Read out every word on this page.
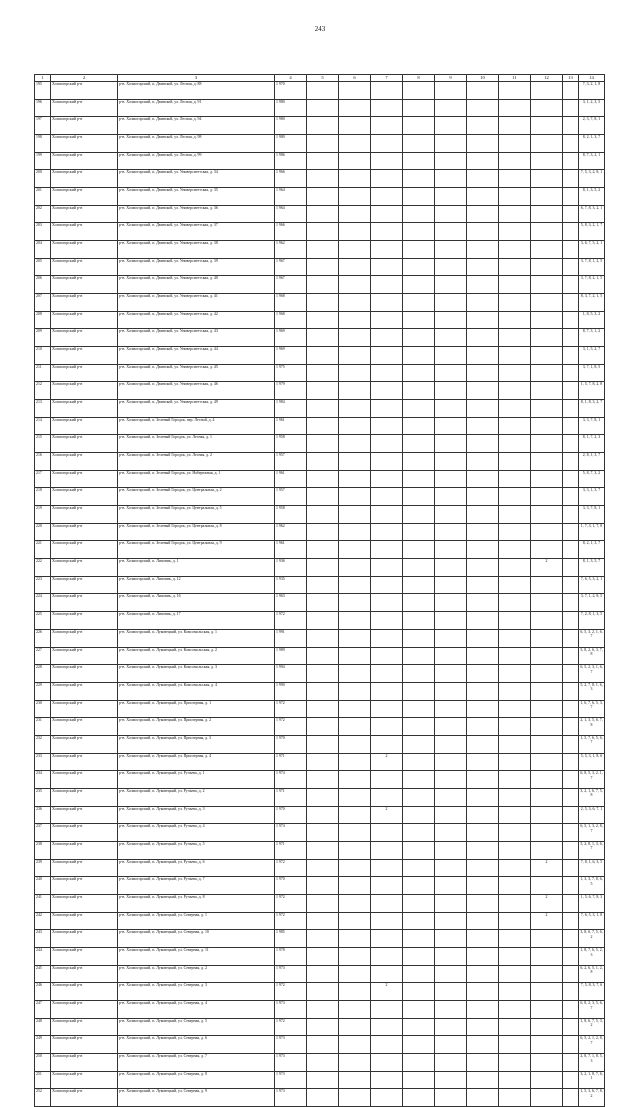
243
1	2	3	4	5	6	7	8	9	10	11	12	13	14
195	Холмогорский р-н	р-н. Холмогорский, п. Двинской, ул. Лесная, д. 88	1 970										7, 3, 2, 1, 8
196	Холмогорский р-н	р-н. Холмогорский, п. Двинской, ул. Лесная, д. 91	1 980										3, 1, 2, 3, 5
197	Холмогорский р-н	р-н. Холмогорский, п. Двинской, ул. Лесная, д. 94	1 980										2, 3, 7, 8, 1
198	Холмогорский р-н	р-н. Холмогорский, п. Двинской, ул. Лесная, д. 98	1 980										8, 2, 1, 3, 7
199	Холмогорский р-н	р-н. Холмогорский, п. Двинской, ул. Лесная, д. 99	1 986										8, 7, 3, 2, 1
200	Холмогорский р-н	р-н. Холмогорский, п. Двинской, ул. Университетская, д. 34	1 966										7, 5, 3, 2, 8, 1
201	Холмогорский р-н	р-н. Холмогорский, п. Двинской, ул. Университетская, д. 35	1 964										8, 1, 3, 5, 2
202	Холмогорский р-н	р-н. Холмогорский, п. Двинской, ул. Университетская, д. 36	1 964										6, 7, 8, 3, 2, 1
203	Холмогорский р-н	р-н. Холмогорский, п. Двинской, ул. Университетская, д. 37	1 966										5, 8, 3, 2, 1, 7
204	Холмогорский р-н	р-н. Холмогорский, п. Двинской, ул. Университетская, д. 38	1 962										3, 6, 7, 5, 2, 1
205	Холмогорский р-н	р-н. Холмогорский, п. Двинской, ул. Университетская, д. 39	1 967										3, 7, 8, 1, 2, 5
206	Холмогорский р-н	р-н. Холмогорский, п. Двинской, ул. Университетская, д. 40	1 967										3, 7, 8, 2, 1, 5
207	Холмогорский р-н	р-н. Холмогорский, п. Двинской, ул. Университетская, д. 41	1 968										8, 3, 7, 2, 1, 5
208	Холмогорский р-н	р-н. Холмогорский, п. Двинской, ул. Университетская, д. 42	1 968										1, 8, 5, 3, 2
209	Холмогорский р-н	р-н. Холмогорский, п. Двинской, ул. Университетская, д. 43	1 969										8, 7, 3, 1, 2
210	Холмогорский р-н	р-н. Холмогорский, п. Двинской, ул. Университетская, д. 44	1 969										3, 1, 5, 2, 7
211	Холмогорский р-н	р-н. Холмогорский, п. Двинской, ул. Университетская, д. 45	1 975										3, 7, 1, 8, 5
212	Холмогорский р-н	р-н. Холмогорский, п. Двинской, ул. Университетская, д. 46	1 979										1, 5, 7, 8, 2, 8
213	Холмогорский р-н	р-н. Холмогорский, п. Двинской, ул. Университетская, д. 49	1 984										8, 1, 8, 3, 2, 7
214	Холмогорский р-н	р-н. Холмогорский, п. Зеленый Городок, пер. Лесной, д. 4	1 961										3, 3, 7, 8, 1
215	Холмогорский р-н	р-н. Холмогорский, п. Зеленый Городок, ул. Лесная, д. 1	1 958										8, 1, 7, 2, 3
216	Холмогорский р-н	р-н. Холмогорский, п. Зеленый Городок, ул. Лесная, д. 2	1 957										2, 8, 1, 3, 7
217	Холмогорский р-н	р-н. Холмогорский, п. Зеленый Городок, ул. Набережная, д. 1	1 961										5, 8, 7, 3, 2
218	Холмогорский р-н	р-н. Холмогорский, п. Зеленый Городок, ул. Центральная, д. 2	1 957										3, 3, 1, 3, 7
219	Холмогорский р-н	р-н. Холмогорский, п. Зеленый Городок, ул. Центральная, д. 5	1 958										3, 3, 7, 8, 1
220	Холмогорский р-н	р-н. Холмогорский, п. Зеленый Городок, ул. Центральная, д. 8	1 962										1, 7, 3, 1, 7, 8
221	Холмогорский р-н	р-н. Холмогорский, п. Зеленый Городок, ул. Центральная, д. 9	1 961										8, 2, 1, 3, 7
222	Холмогорский р-н	р-н. Холмогорский, п. Липовик, д. 1	1 936								2		8, 1, 3, 5, 7
223	Холмогорский р-н	р-н. Холмогорский, п. Липовик, д. 12	1 935										7, 6, 5, 3, 2, 1
224	Холмогорский р-н	р-н. Холмогорский, п. Липовик, д. 16	1 963										3, 7, 1, 2, 8, 5
225	Холмогорский р-н	р-н. Холмогорский, п. Липовик, д. 17	1 972										7, 2, 8, 1, 3, 5
226	Холмогорский р-н	р-н. Холмогорский, п. Луковецкий, ул. Комсомольская, д. 1	1 991										6, 5, 3, 2, 1, 6, 7
227	Холмогорский р-н	р-н. Холмогорский, п. Луковецкий, ул. Комсомольская, д. 2	1 989										5, 8, 2, 6, 3, 7, 8
228	Холмогорский р-н	р-н. Холмогорский, п. Луковецкий, ул. Комсомольская, д. 3	1 994										6, 5, 2, 3, 1, 6, 7
229	Холмогорский р-н	р-н. Холмогорский, п. Луковецкий, ул. Комсомольская, д. 4	1 990										5, 2, 7, 8, 1, 6, 3
230	Холмогорский р-н	р-н. Холмогорский, п. Луковецкий, ул. Приозерная, д. 1	1 972										1, 6, 7, 6, 5, 3, 7
231	Холмогорский р-н	р-н. Холмогорский, п. Луковецкий, ул. Приозерная, д. 2	1 972										2, 1, 3, 5, 6, 7, 8
232	Холмогорский р-н	р-н. Холмогорский, п. Луковецкий, ул. Приозерная, д. 3	1 970										1, 5, 7, 6, 5, 6, 7
233	Холмогорский р-н	р-н. Холмогорский, п. Луковецкий, ул. Приозерная, д. 4	1 971			2							5, 5, 3, 1, 8, 6
234	Холмогорский р-н	р-н. Холмогорский, п. Луковецкий, ул. Ручьева, д. 1	1 974										6, 8, 5, 3, 2, 1, 7
235	Холмогорский р-н	р-н. Холмогорский, п. Луковецкий, ул. Ручьева, д. 2	1 971										3, 2, 1, 6, 7, 5, 8
236	Холмогорский р-н	р-н. Холмогорский, п. Луковецкий, ул. Ручьева, д. 3	1 970			2							2, 5, 3, 6, 7, 1
237	Холмогорский р-н	р-н. Холмогорский, п. Луковецкий, ул. Ручьева, д. 4	1 974										6, 5, 1, 3, 2, 8, 7
238	Холмогорский р-н	р-н. Холмогорский, п. Луковецкий, ул. Ручьева, д. 5	1 971										5, 2, 8, 1, 3, 6, 7
239	Холмогорский р-н	р-н. Холмогорский, п. Луковецкий, ул. Ручьева, д. 6	1 972								2		7, 8, 1, 6, 3, 5
240	Холмогорский р-н	р-н. Холмогорский, п. Луковецкий, ул. Ручьева, д. 7	1 970										1, 3, 3, 7, 8, 6, 5
241	Холмогорский р-н	р-н. Холмогорский, п. Луковецкий, ул. Ручьева, д. 8	1 972								2		1, 5, 6, 7, 8, 3
242	Холмогорский р-н	р-н. Холмогорский, п. Луковецкий, ул. Северная, д. 1	1 972								2		7, 6, 5, 3, 1, 8
243	Холмогорский р-н	р-н. Холмогорский, п. Луковецкий, ул. Северная, д. 10	1 985										3, 8, 6, 7, 5, 6, 2
244	Холмогорский р-н	р-н. Холмогорский, п. Луковецкий, ул. Северная, д. 11	1 978										1, 8, 7, 6, 5, 2, 3
245	Холмогорский р-н	р-н. Холмогорский, п. Луковецкий, ул. Северная, д. 2	1 973										6, 2, 6, 5, 1, 2, 8
246	Холмогорский р-н	р-н. Холмогорский, п. Луковецкий, ул. Северная, д. 3	1 972			2							7, 5, 8, 3, 7, 6
247	Холмогорский р-н	р-н. Холмогорский, п. Луковецкий, ул. Северная, д. 4	1 973										6, 8, 2, 3, 5, 6, 7
248	Холмогорский р-н	р-н. Холмогорский, п. Луковецкий, ул. Северная, д. 5	1 972										1, 8, 6, 7, 5, 3, 2
249	Холмогорский р-н	р-н. Холмогорский, п. Луковецкий, ул. Северная, д. 6	1 973										6, 5, 2, 1, 2, 8, 7
250	Холмогорский р-н	р-н. Холмогорский, п. Луковецкий, ул. Северная, д. 7	1 973										2, 8, 7, 1, 8, 5, 3
251	Холмогорский р-н	р-н. Холмогорский, п. Луковецкий, ул. Северная, д. 8	1 973										3, 2, 1, 8, 7, 6, 1
252	Холмогорский р-н	р-н. Холмогорский, п. Луковецкий, ул. Северная, д. 9	1 973										1, 5, 3, 6, 7, 8, 2
